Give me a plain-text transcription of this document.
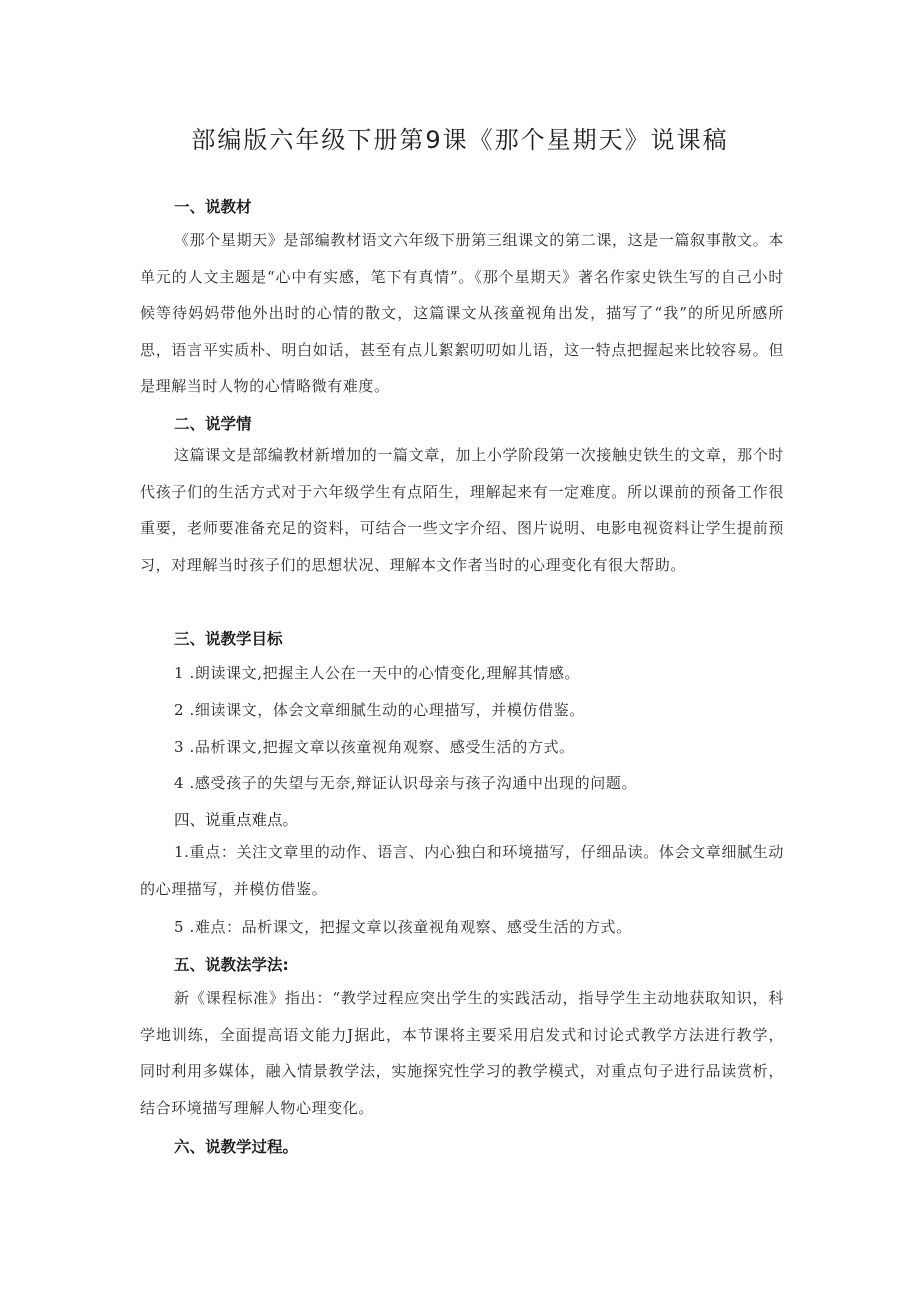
部编版六年级下册第9课《那个星期天》说课稿
一、说教材
《那个星期天》是部编教材语文六年级下册第三组课文的第二课，这是一篇叙事散文。本单元的人文主题是“心中有实感，笔下有真情”。《那个星期天》著名作家史铁生写的自己小时候等待妈妈带他外出时的心情的散文，这篇课文从孩童视角出发，描写了“我”的所见所感所思，语言平实质朴、明白如话，甚至有点儿絮絮叨叨如儿语，这一特点把握起来比较容易。但是理解当时人物的心情略微有难度。
二、说学情
这篇课文是部编教材新增加的一篇文章，加上小学阶段第一次接触史铁生的文章，那个时代孩子们的生活方式对于六年级学生有点陌生，理解起来有一定难度。所以课前的预备工作很重要，老师要准备充足的资料，可结合一些文字介绍、图片说明、电影电视资料让学生提前预习，对理解当时孩子们的思想状况、理解本文作者当时的心理变化有很大帮助。
三、说教学目标
1 .朗读课文,把握主人公在一天中的心情变化,理解其情感。
2 .细读课文，体会文章细腻生动的心理描写，并模仿借鉴。
3 .品析课文,把握文章以孩童视角观察、感受生活的方式。
4 .感受孩子的失望与无奈,辩证认识母亲与孩子沟通中出现的问题。
四、说重点难点。
1.重点：关注文章里的动作、语言、内心独白和环境描写，仔细品读。体会文章细腻生动的心理描写，并模仿借鉴。
5 .难点：品析课文，把握文章以孩童视角观察、感受生活的方式。
五、说教法学法:
新《课程标准》指出：“教学过程应突出学生的实践活动，指导学生主动地获取知识，科学地训练，全面提高语文能力J据此，本节课将主要采用启发式和讨论式教学方法进行教学，同时利用多媒体，融入情景教学法，实施探究性学习的教学模式，对重点句子进行品读赏析，结合环境描写理解人物心理变化。
六、说教学过程。
